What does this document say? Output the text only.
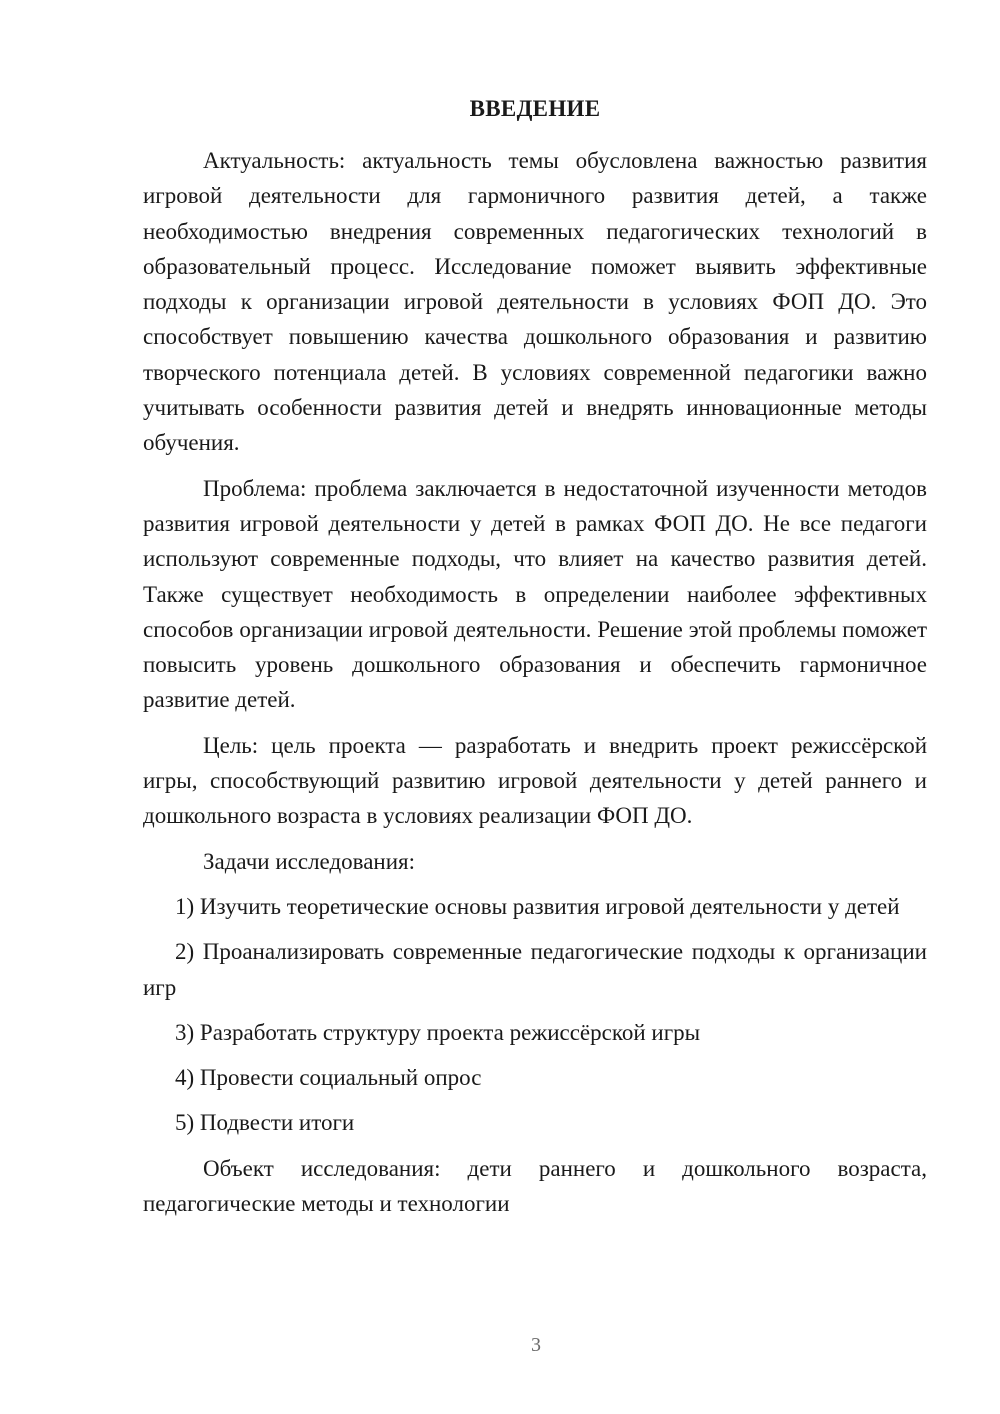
ВВЕДЕНИЕ

Актуальность: актуальность темы обусловлена важностью развития игровой деятельности для гармоничного развития детей, а также необходимостью внедрения современных педагогических технологий в образовательный процесс. Исследование поможет выявить эффективные подходы к организации игровой деятельности в условиях ФОП ДО. Это способствует повышению качества дошкольного образования и развитию творческого потенциала детей. В условиях современной педагогики важно учитывать особенности развития детей и внедрять инновационные методы обучения.

Проблема: проблема заключается в недостаточной изученности методов развития игровой деятельности у детей в рамках ФОП ДО. Не все педагоги используют современные подходы, что влияет на качество развития детей. Также существует необходимость в определении наиболее эффективных способов организации игровой деятельности. Решение этой проблемы поможет повысить уровень дошкольного образования и обеспечить гармоничное развитие детей.

Цель: цель проекта — разработать и внедрить проект режиссёрской игры, способствующий развитию игровой деятельности у детей раннего и дошкольного возраста в условиях реализации ФОП ДО.

Задачи исследования:

1) Изучить теоретические основы развития игровой деятельности у детей

2) Проанализировать современные педагогические подходы к организации игр

3) Разработать структуру проекта режиссёрской игры

4) Провести социальный опрос

5) Подвести итоги

Объект исследования: дети раннего и дошкольного возраста, педагогические методы и технологии

3
